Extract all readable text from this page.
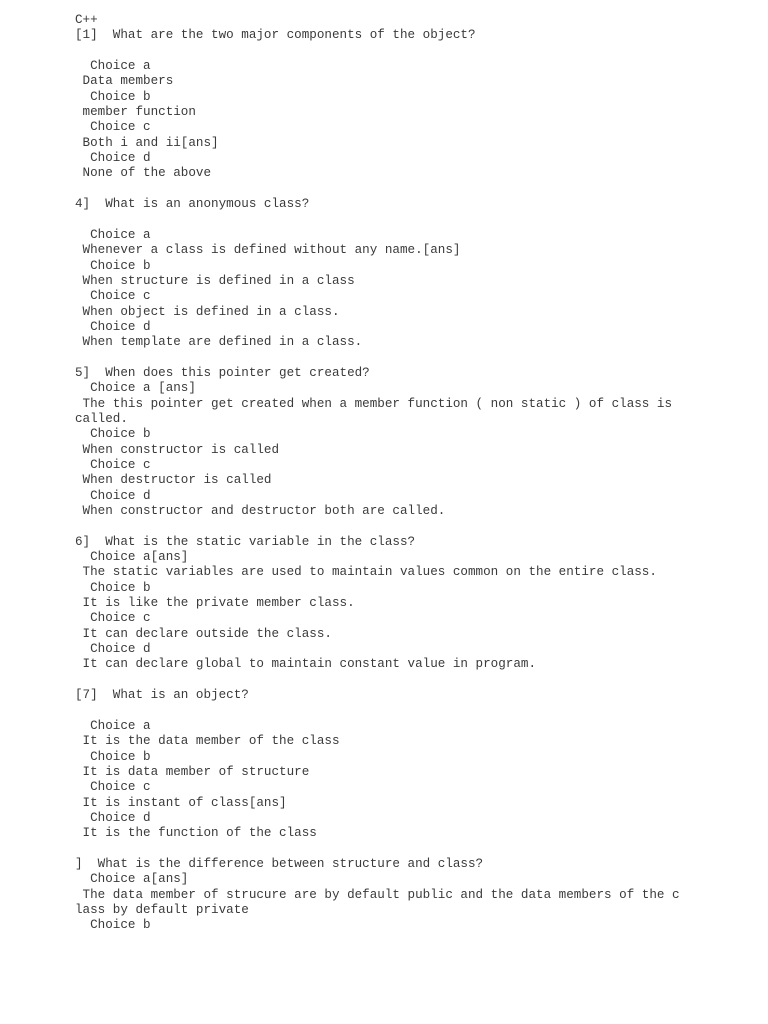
C++
[1]  What are the two major components of the object?
Choice a
Data members
Choice b
member function
Choice c
Both i and ii[ans]
Choice d
None of the above
4]  What is an anonymous class?
Choice a
Whenever a class is defined without any name.[ans]
Choice b
When structure is defined in a class
Choice c
When object is defined in a class.
Choice d
When template are defined in a class.
5]  When does this pointer get created?
Choice a [ans]
The this pointer get created when a member function ( non static ) of class is
called.
Choice b
When constructor is called
Choice c
When destructor is called
Choice d
When constructor and destructor both are called.
6]  What is the static variable in the class?
Choice a[ans]
The static variables are used to maintain values common on the entire class.
Choice b
It is like the private member class.
Choice c
It can declare outside the class.
Choice d
It can declare global to maintain constant value in program.
[7]  What is an object?
Choice a
It is the data member of the class
Choice b
It is data member of structure
Choice c
It is instant of class[ans]
Choice d
It is the function of the class
]  What is the difference between structure and class?
Choice a[ans]
The data member of strucure are by default public and the data members of the c
lass by default private
Choice b
